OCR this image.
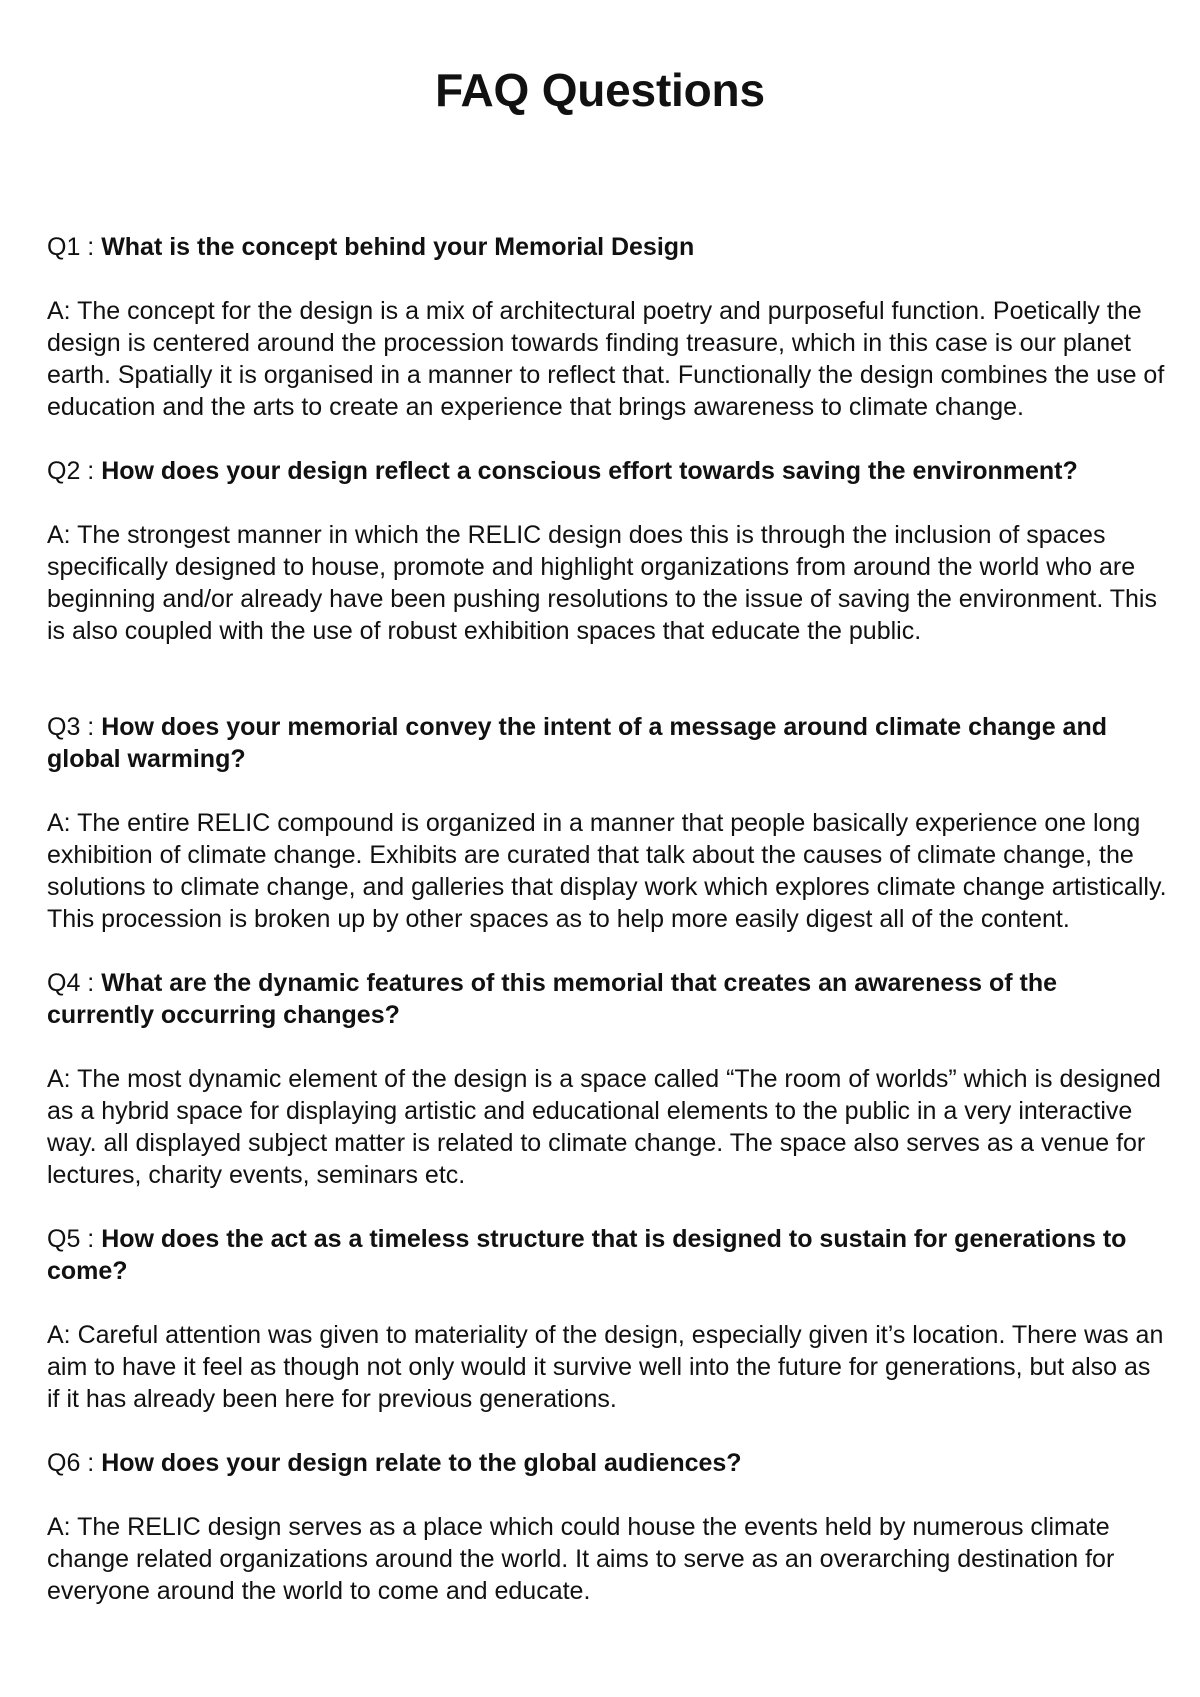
FAQ Questions

Q1 : What is the concept behind your Memorial Design

A: The concept for the design is a mix of architectural poetry and purposeful function. Poetically the design is centered around the procession towards finding treasure, which in this case is our planet earth. Spatially it is organised in a manner to reflect that. Functionally the design combines the use of education and the arts to create an experience that brings awareness to climate change.

Q2 : How does your design reflect a conscious effort towards saving the environment?

A: The strongest manner in which the RELIC design does this is through the inclusion of spaces specifically designed to house, promote and highlight organizations from around the world who are beginning and/or already have been pushing resolutions to the issue of saving the environment. This is also coupled with the use of robust exhibition spaces that educate the public.

Q3 : How does your memorial convey the intent of a message around climate change and global warming?

A: The entire RELIC compound is organized in a manner that people basically experience one long exhibition of climate change. Exhibits are curated that talk about the causes of climate change, the solutions to climate change, and galleries that display work which explores climate change artistically. This procession is broken up by other spaces as to help more easily digest all of the content.

Q4 : What are the dynamic features of this memorial that creates an awareness of the currently occurring changes?

A: The most dynamic element of the design is a space called “The room of worlds” which is designed as a hybrid space for displaying artistic and educational elements to the public in a very interactive way. all displayed subject matter is related to climate change. The space also serves as a venue for lectures, charity events, seminars etc.

Q5 : How does the act as a timeless structure that is designed to sustain for generations to come?

A: Careful attention was given to materiality of the design, especially given it’s location. There was an aim to have it feel as though not only would it survive well into the future for generations, but also as if it has already been here for previous generations.

Q6 : How does your design relate to the global audiences?

A: The RELIC design serves as a place which could house the events held by numerous climate change related organizations around the world. It aims to serve as an overarching destination for everyone around the world to come and educate.
